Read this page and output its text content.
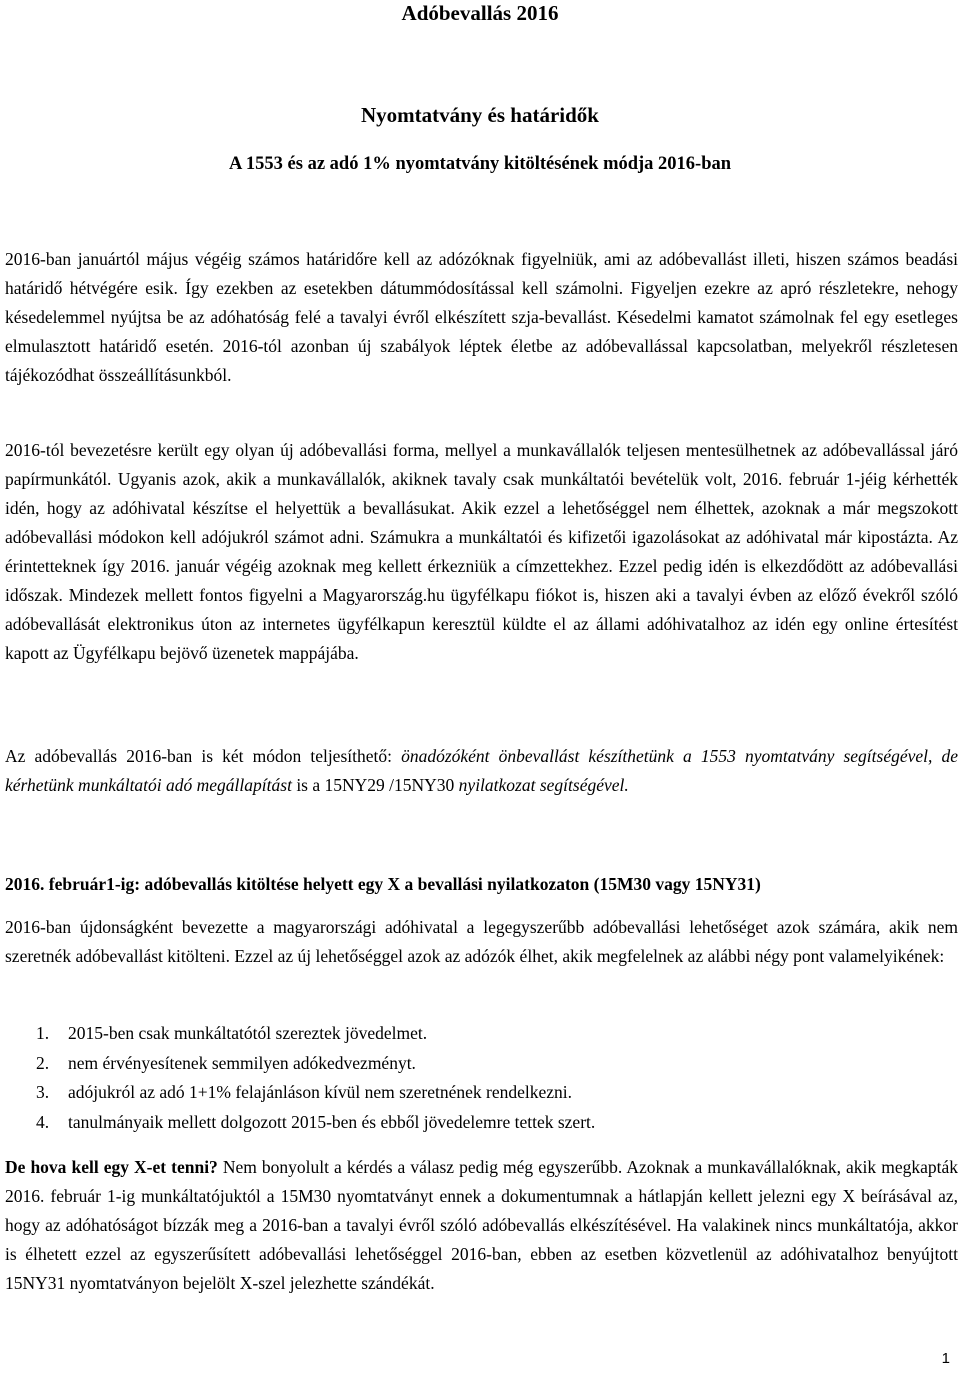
Adóbevallás 2016
Nyomtatvány és határidők
A 1553 és az adó 1% nyomtatvány kitöltésének módja 2016-ban

2016-ban januártól május végéig számos határidőre kell az adózóknak figyelniük, ami az adóbevallást illeti, hiszen számos beadási határidő hétvégére esik. Így ezekben az esetekben dátummódosítással kell számolni. Figyeljen ezekre az apró részletekre, nehogy késedelemmel nyújtsa be az adóhatóság felé a tavalyi évről elkészített szja-bevallást. Késedelmi kamatot számolnak fel egy esetleges elmulasztott határidő esetén. 2016-tól azonban új szabályok léptek életbe az adóbevallással kapcsolatban, melyekről részletesen tájékozódhat összeállításunkból.

2016-tól bevezetésre került egy olyan új adóbevallási forma, mellyel a munkavállalók teljesen mentesülhetnek az adóbevallással járó papírmunkától. Ugyanis azok, akik a munkavállalók, akiknek tavaly csak munkáltatói bevételük volt, 2016. február 1-jéig kérhették idén, hogy az adóhivatal készítse el helyettük a bevallásukat. Akik ezzel a lehetőséggel nem élhettek, azoknak a már megszokott adóbevallási módokon kell adójukról számot adni. Számukra a munkáltatói és kifizetői igazolásokat az adóhivatal már kipostázta. Az érintetteknek így 2016. január végéig azoknak meg kellett érkezniük a címzettekhez. Ezzel pedig idén is elkezdődött az adóbevallási időszak. Mindezek mellett fontos figyelni a Magyarország.hu ügyfélkapu fiókot is, hiszen aki a tavalyi évben az előző évekről szóló adóbevallását elektronikus úton az internetes ügyfélkapun keresztül küldte el az állami adóhivatalhoz az idén egy online értesítést kapott az Ügyfélkapu bejövő üzenetek mappájába.

Az adóbevallás 2016-ban is két módon teljesíthető: önadózóként önbevallást készíthetünk a 1553 nyomtatvány segítségével, de kérhetünk munkáltatói adó megállapítást is a 15NY29 /15NY30 nyilatkozat segítségével.

2016. február1-ig: adóbevallás kitöltése helyett egy X a bevallási nyilatkozaton (15M30 vagy 15NY31)

2016-ban újdonságként bevezette a magyarországi adóhivatal a legegyszerűbb adóbevallási lehetőséget azok számára, akik nem szeretnék adóbevallást kitölteni. Ezzel az új lehetőséggel azok az adózók élhet, akik megfelelnek az alábbi négy pont valamelyikének:

1. 2015-ben csak munkáltatótól szereztek jövedelmet.
2. nem érvényesítenek semmilyen adókedvezményt.
3. adójukról az adó 1+1% felajánláson kívül nem szeretnének rendelkezni.
4. tanulmányaik mellett dolgozott 2015-ben és ebből jövedelemre tettek szert.

De hova kell egy X-et tenni? Nem bonyolult a kérdés a válasz pedig még egyszerűbb. Azoknak a munkavállalóknak, akik megkapták 2016. február 1-ig munkáltatójuktól a 15M30 nyomtatványt ennek a dokumentumnak a hátlapján kellett jelezni egy X beírásával az, hogy az adóhatóságot bízzák meg a 2016-ban a tavalyi évről szóló adóbevallás elkészítésével. Ha valakinek nincs munkáltatója, akkor is élhetett ezzel az egyszerűsített adóbevallási lehetőséggel 2016-ban, ebben az esetben közvetlenül az adóhivatalhoz benyújtott 15NY31 nyomtatványon bejelölt X-szel jelezhette szándékát.

1
